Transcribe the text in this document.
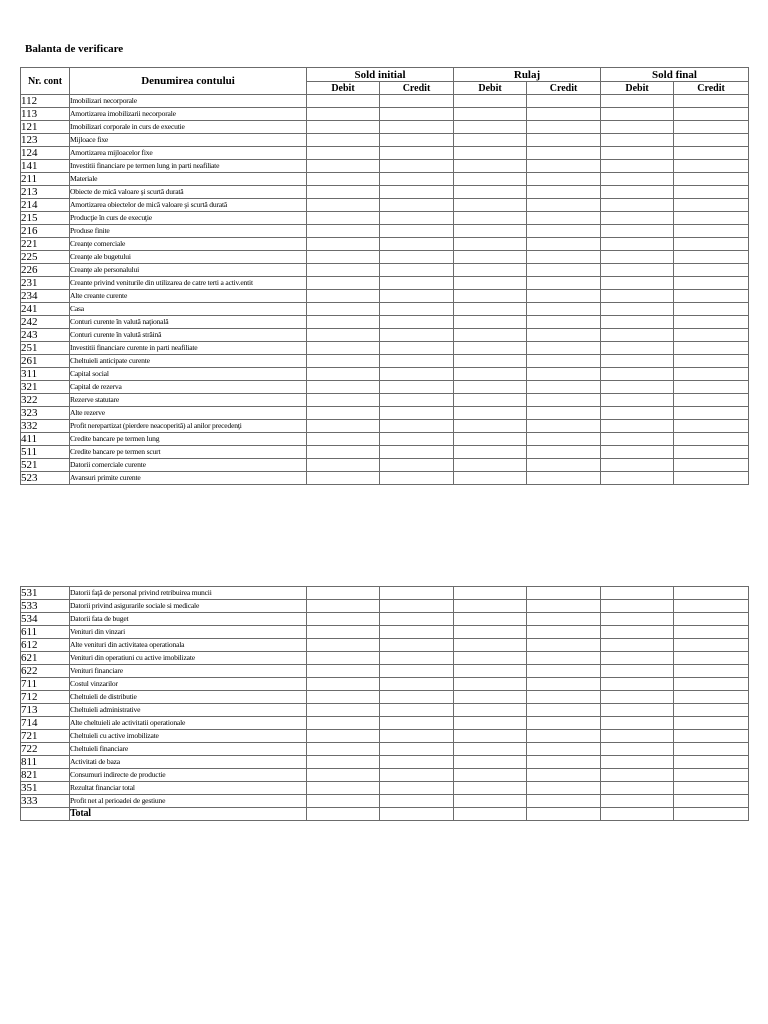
Balanta de verificare
Nr. cont	Denumirea contului	Sold initial		Rulaj		Sold final	
		Debit	Credit	Debit	Credit	Debit	Credit
112	Imobilizari necorporale						
113	Amortizarea imobilizarii necorporale						
121	Imobilizari corporale in curs de executie						
123	Mijloace fixe						
124	Amortizarea mijloacelor fixe						
141	Investitii financiare pe termen lung in parti neafiliate						
211	Materiale						
213	Obiecte de mică valoare şi scurtă durată						
214	Amortizarea obiectelor de mică valoare şi scurtă durată						
215	Producţie în curs de execuţie						
216	Produse finite						
221	Creanţe comerciale						
225	Creanţe ale bugetului						
226	Creanţe ale personalului						
231	Creante privind veniturile din utilizarea de catre terti a activ.entit						
234	Alte creante curente						
241	Casa						
242	Conturi curente în valută naţională						
243	Conturi curente în valută străină						
251	Investitii financiare curente in parti neafiliate						
261	Cheltuieli anticipate curente						
311	Capital social						
321	Capital de rezerva						
322	Rezerve statutare						
323	Alte rezerve						
332	Profit nerepartizat (pierdere neacoperită) al anilor precedenţi						
411	Credite bancare pe termen lung						
511	Credite bancare pe termen scurt						
521	Datorii comerciale curente						
523	Avansuri primite curente						
531	Datorii faţă de personal privind retribuirea muncii						
533	Datorii privind asigurarile sociale si medicale						
534	Datorii fata de buget						
611	Venituri din vinzari						
612	Alte venituri din activitatea operationala						
621	Venituri din operatiuni cu active imobilizate						
622	Venituri financiare						
711	Costul vinzarilor						
712	Cheltuieli de distributie						
713	Cheltuieli administrative						
714	Alte cheltuieli ale activitatii operationale						
721	Cheltuieli cu active imobilizate						
722	Cheltuieli financiare						
811	Activitati de baza						
821	Consumuri indirecte de productie						
351	Rezultat financiar total						
333	Profit net al perioadei de gestiune						
	Total						
